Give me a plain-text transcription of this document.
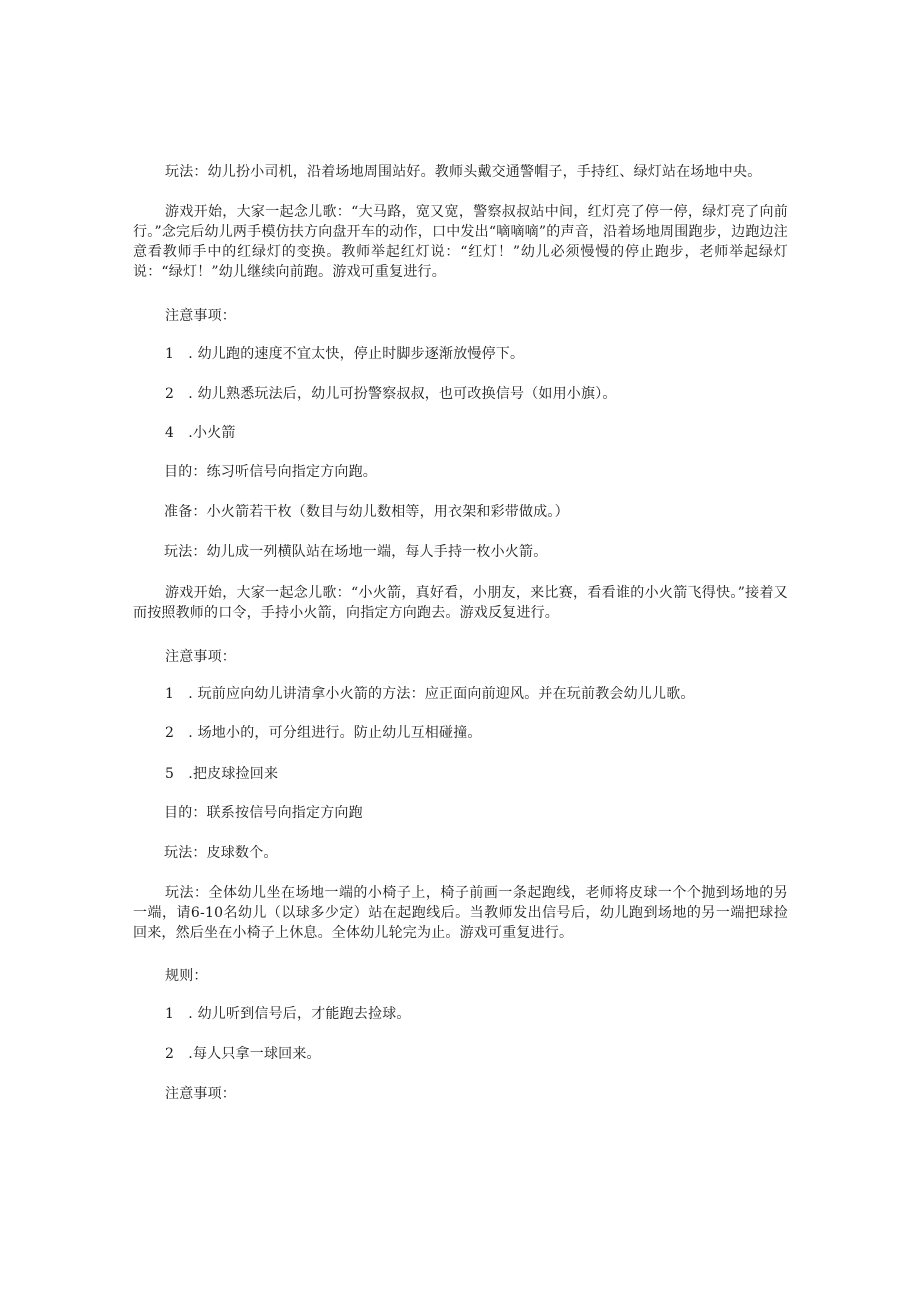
玩法：幼儿扮小司机，沿着场地周围站好。教师头戴交通警帽子，手持红、绿灯站在场地中央。

游戏开始，大家一起念儿歌：“大马路，宽又宽，警察叔叔站中间，红灯亮了停一停，绿灯亮了向前行。”念完后幼儿两手模仿扶方向盘开车的动作，口中发出“嘀嘀嘀”的声音，沿着场地周围跑步，边跑边注意看教师手中的红绿灯的变换。教师举起红灯说：“红灯！”幼儿必须慢慢的停止跑步，老师举起绿灯说：“绿灯！”幼儿继续向前跑。游戏可重复进行。

注意事项：

1　. 幼儿跑的速度不宜太快，停止时脚步逐渐放慢停下。

2　. 幼儿熟悉玩法后，幼儿可扮警察叔叔，也可改换信号（如用小旗）。

4　.小火箭

目的：练习听信号向指定方向跑。

准备：小火箭若干枚（数目与幼儿数相等，用衣架和彩带做成。）

玩法：幼儿成一列横队站在场地一端，每人手持一枚小火箭。

游戏开始，大家一起念儿歌：“小火箭，真好看，小朋友，来比赛，看看谁的小火箭飞得快。”接着又而按照教师的口令，手持小火箭，向指定方向跑去。游戏反复进行。

注意事项：

1　. 玩前应向幼儿讲清拿小火箭的方法：应正面向前迎风。并在玩前教会幼儿儿歌。

2　. 场地小的，可分组进行。防止幼儿互相碰撞。

5　.把皮球捡回来

目的：联系按信号向指定方向跑

玩法：皮球数个。

玩法：全体幼儿坐在场地一端的小椅子上，椅子前画一条起跑线，老师将皮球一个个抛到场地的另一端，请6-10名幼儿（以球多少定）站在起跑线后。当教师发出信号后，幼儿跑到场地的另一端把球捡回来，然后坐在小椅子上休息。全体幼儿轮完为止。游戏可重复进行。

规则：

1　. 幼儿听到信号后，才能跑去捡球。

2　.每人只拿一球回来。

注意事项：
